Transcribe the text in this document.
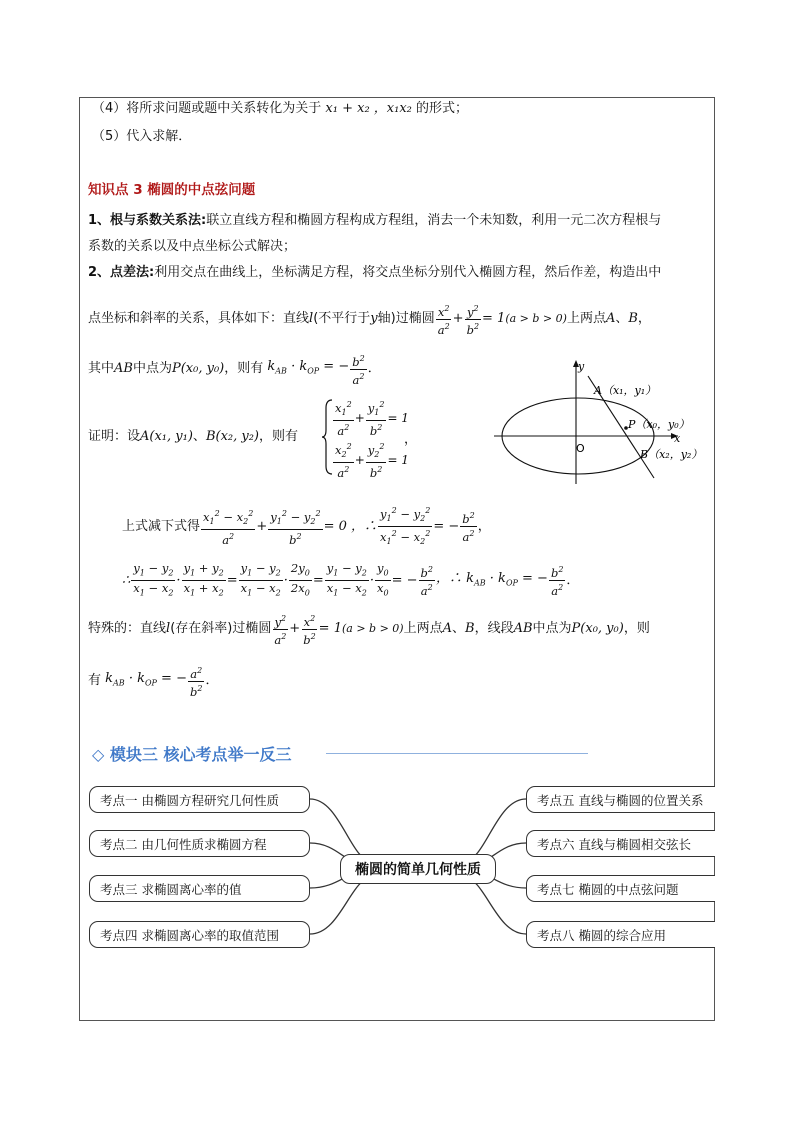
（4）将所求问题或题中关系转化为关于 x₁ + x₂ ，x₁x₂ 的形式；
（5）代入求解．
知识点 3 椭圆的中点弦问题
1、根与系数关系法:联立直线方程和椭圆方程构成方程组，消去一个未知数，利用一元二次方程根与
系数的关系以及中点坐标公式解决；
2、点差法:利用交点在曲线上，坐标满足方程，将交点坐标分别代入椭圆方程，然后作差，构造出中
点坐标和斜率的关系，具体如下：直线 l (不平行于 y 轴)过椭圆 $\frac{x^2}{a^2} + \frac{y^2}{b^2} = 1$ (a > b > 0) 上两点 A 、 B ，
其中 AB 中点为 P(x₀, y₀) ，则有 $k_{AB} \cdot k_{OP}$ = − $\frac{b^2}{a^2}$ ．
证明：设 A(x₁, y₁) 、 B(x₂, y₂) ，则有	$\frac{x_1^2}{a^2} + \frac{y_1^2}{b^2} = 1$
$\frac{x_2^2}{a^2} + \frac{y_2^2}{b^2} = 1$
，
y
x
O
A（x₁，y₁）
P（x₀，y₀）
B（x₂，y₂）
上式减下式得 $\frac{x_1^2 - x_2^2}{a^2} + \frac{y_1^2 - y_2^2}{b^2} = 0$ ，∴ $\frac{y_1^2 - y_2^2}{x_1^2 - x_2^2}$ = − $\frac{b^2}{a^2}$ ，
∴ $\frac{y_1 - y_2}{x_1 - x_2} \cdot \frac{y_1 + y_2}{x_1 + x_2} = \frac{y_1 - y_2}{x_1 - x_2} \cdot \frac{2y_0}{2x_0} = \frac{y_1 - y_2}{x_1 - x_2} \cdot \frac{y_0}{x_0}$ = − $\frac{b^2}{a^2}$ ，∴ $k_{AB} \cdot k_{OP}$ = − $\frac{b^2}{a^2}$ ．
特殊的：直线 l (存在斜率)过椭圆 $\frac{y^2}{a^2} + \frac{x^2}{b^2} = 1$ (a > b > 0) 上两点 A 、 B ，线段 AB 中点为 P(x₀, y₀) ，则
有 $k_{AB} \cdot k_{OP}$ = − $\frac{a^2}{b^2}$ ．
◇ 模块三 核心考点举一反三
考点一 由椭圆方程研究几何性质
考点二 由几何性质求椭圆方程
考点三 求椭圆离心率的值
考点四 求椭圆离心率的取值范围
椭圆的简单几何性质
考点五 直线与椭圆的位置关系
考点六 直线与椭圆相交弦长
考点七 椭圆的中点弦问题
考点八 椭圆的综合应用
